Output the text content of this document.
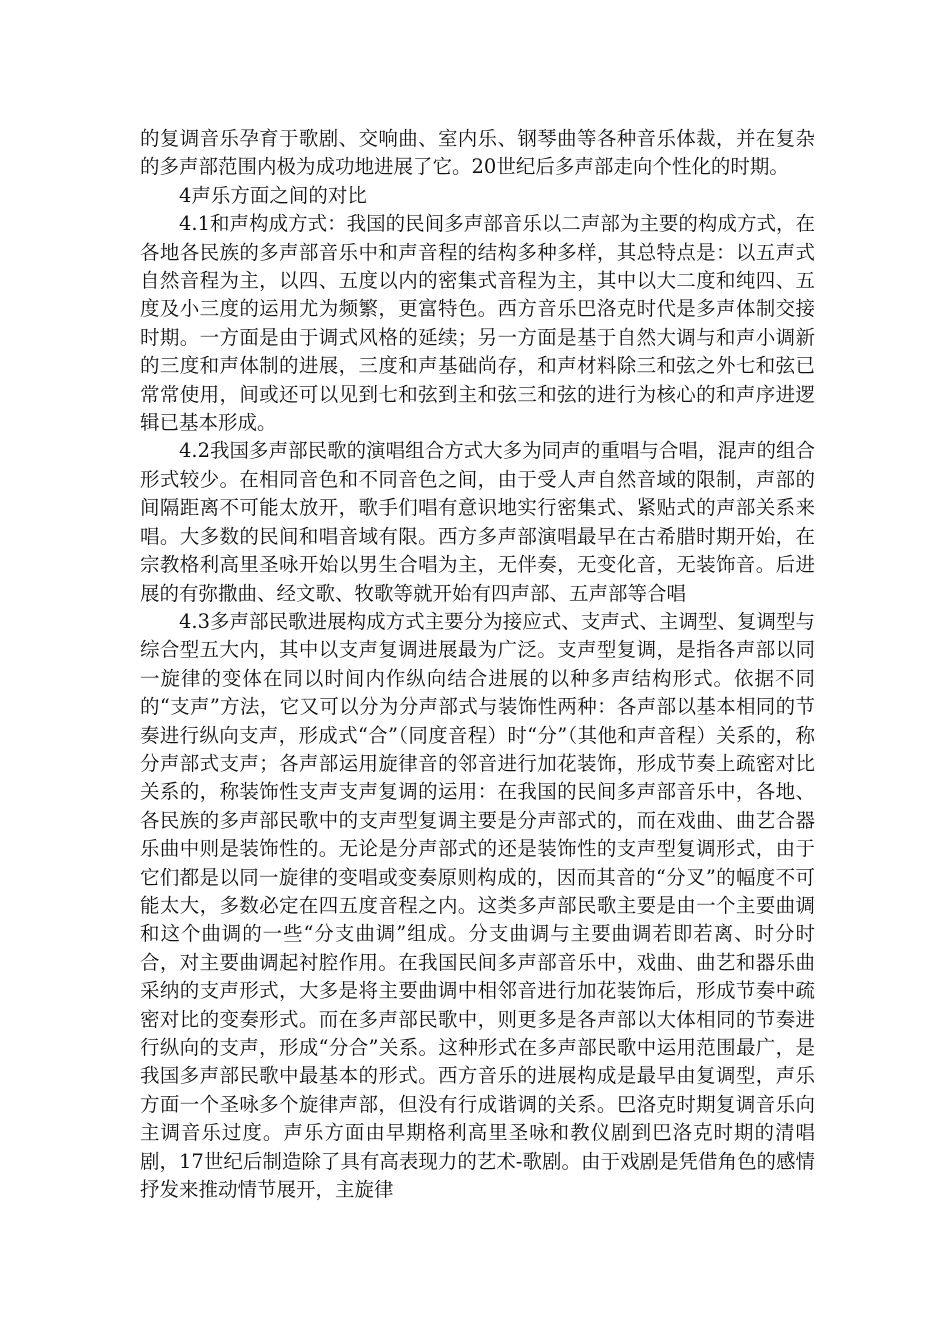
的复调音乐孕育于歌剧、交响曲、室内乐、钢琴曲等各种音乐体裁，并在复杂的多声部范围内极为成功地进展了它。20世纪后多声部走向个性化的时期。

4声乐方面之间的对比

4.1和声构成方式：我国的民间多声部音乐以二声部为主要的构成方式，在各地各民族的多声部音乐中和声音程的结构多种多样，其总特点是：以五声式自然音程为主，以四、五度以内的密集式音程为主，其中以大二度和纯四、五度及小三度的运用尤为频繁，更富特色。西方音乐巴洛克时代是多声体制交接时期。一方面是由于调式风格的延续；另一方面是基于自然大调与和声小调新的三度和声体制的进展，三度和声基础尚存，和声材料除三和弦之外七和弦已常常使用，间或还可以见到七和弦到主和弦三和弦的进行为核心的和声序进逻辑已基本形成。

4.2我国多声部民歌的演唱组合方式大多为同声的重唱与合唱，混声的组合形式较少。在相同音色和不同音色之间，由于受人声自然音域的限制，声部的间隔距离不可能太放开，歌手们唱有意识地实行密集式、紧贴式的声部关系来唱。大多数的民间和唱音域有限。西方多声部演唱最早在古希腊时期开始，在宗教格利高里圣咏开始以男生合唱为主，无伴奏，无变化音，无装饰音。后进展的有弥撒曲、经文歌、牧歌等就开始有四声部、五声部等合唱

4.3多声部民歌进展构成方式主要分为接应式、支声式、主调型、复调型与综合型五大内，其中以支声复调进展最为广泛。支声型复调，是指各声部以同一旋律的变体在同以时间内作纵向结合进展的以种多声结构形式。依据不同的“支声”方法，它又可以分为分声部式与装饰性两种：各声部以基本相同的节奏进行纵向支声，形成式“合”（同度音程）时“分”（其他和声音程）关系的，称分声部式支声；各声部运用旋律音的邻音进行加花装饰，形成节奏上疏密对比关系的，称装饰性支声支声复调的运用：在我国的民间多声部音乐中，各地、各民族的多声部民歌中的支声型复调主要是分声部式的，而在戏曲、曲艺合器乐曲中则是装饰性的。无论是分声部式的还是装饰性的支声型复调形式，由于它们都是以同一旋律的变唱或变奏原则构成的，因而其音的“分叉”的幅度不可能太大，多数必定在四五度音程之内。这类多声部民歌主要是由一个主要曲调和这个曲调的一些“分支曲调”组成。分支曲调与主要曲调若即若离、时分时合，对主要曲调起衬腔作用。在我国民间多声部音乐中，戏曲、曲艺和器乐曲采纳的支声形式，大多是将主要曲调中相邻音进行加花装饰后，形成节奏中疏密对比的变奏形式。而在多声部民歌中，则更多是各声部以大体相同的节奏进行纵向的支声，形成“分合”关系。这种形式在多声部民歌中运用范围最广，是我国多声部民歌中最基本的形式。西方音乐的进展构成是最早由复调型，声乐方面一个圣咏多个旋律声部，但没有行成谐调的关系。巴洛克时期复调音乐向主调音乐过度。声乐方面由早期格利高里圣咏和教仪剧到巴洛克时期的清唱剧，17世纪后制造除了具有高表现力的艺术-歌剧。由于戏剧是凭借角色的感情抒发来推动情节展开，主旋律
